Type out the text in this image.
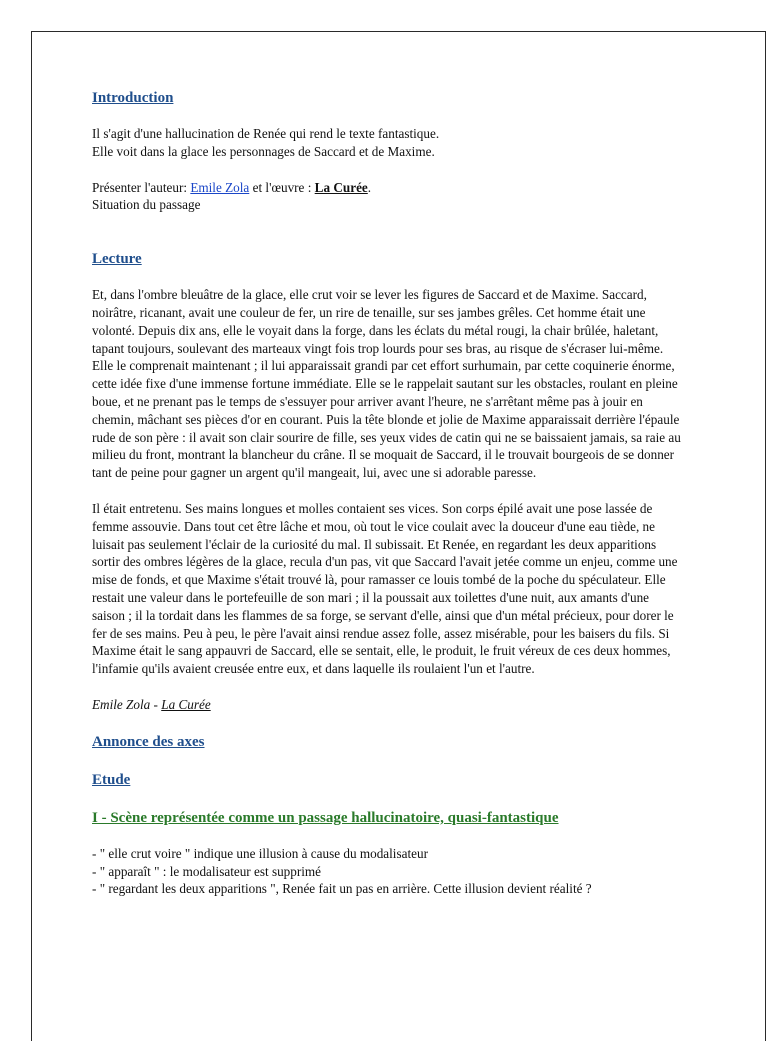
Introduction

Il s'agit d'une hallucination de Renée qui rend le texte fantastique.

Elle voit dans la glace les personnages de Saccard et de Maxime.

Présenter l'auteur: Emile Zola et l'œuvre : La Curée.

Situation du passage

Lecture

Et, dans l'ombre bleuâtre de la glace, elle crut voir se lever les figures de Saccard et de Maxime. Saccard, noirâtre, ricanant, avait une couleur de fer, un rire de tenaille, sur ses jambes grêles. Cet homme était une volonté. Depuis dix ans, elle le voyait dans la forge, dans les éclats du métal rougi, la chair brûlée, haletant, tapant toujours, soulevant des marteaux vingt fois trop lourds pour ses bras, au risque de s'écraser lui-même. Elle le comprenait maintenant ; il lui apparaissait grandi par cet effort surhumain, par cette coquinerie énorme, cette idée fixe d'une immense fortune immédiate. Elle se le rappelait sautant sur les obstacles, roulant en pleine boue, et ne prenant pas le temps de s'essuyer pour arriver avant l'heure, ne s'arrêtant même pas à jouir en chemin, mâchant ses pièces d'or en courant. Puis la tête blonde et jolie de Maxime apparaissait derrière l'épaule rude de son père : il avait son clair sourire de fille, ses yeux vides de catin qui ne se baissaient jamais, sa raie au milieu du front, montrant la blancheur du crâne. Il se moquait de Saccard, il le trouvait bourgeois de se donner tant de peine pour gagner un argent qu'il mangeait, lui, avec une si adorable paresse.

Il était entretenu. Ses mains longues et molles contaient ses vices. Son corps épilé avait une pose lassée de femme assouvie. Dans tout cet être lâche et mou, où tout le vice coulait avec la douceur d'une eau tiède, ne luisait pas seulement l'éclair de la curiosité du mal. Il subissait. Et Renée, en regardant les deux apparitions sortir des ombres légères de la glace, recula d'un pas, vit que Saccard l'avait jetée comme un enjeu, comme une mise de fonds, et que Maxime s'était trouvé là, pour ramasser ce louis tombé de la poche du spéculateur. Elle restait une valeur dans le portefeuille de son mari ; il la poussait aux toilettes d'une nuit, aux amants d'une saison ; il la tordait dans les flammes de sa forge, se servant d'elle, ainsi que d'un métal précieux, pour dorer le fer de ses mains. Peu à peu, le père l'avait ainsi rendue assez folle, assez misérable, pour les baisers du fils. Si Maxime était le sang appauvri de Saccard, elle se sentait, elle, le produit, le fruit véreux de ces deux hommes, l'infamie qu'ils avaient creusée entre eux, et dans laquelle ils roulaient l'un et l'autre.

Emile Zola - La Curée

Annonce des axes
Etude
I - Scène représentée comme un passage hallucinatoire, quasi-fantastique

- " elle crut voire " indique une illusion à cause du modalisateur

- " apparaît " : le modalisateur est supprimé

- " regardant les deux apparitions ", Renée fait un pas en arrière. Cette illusion devient réalité ?
